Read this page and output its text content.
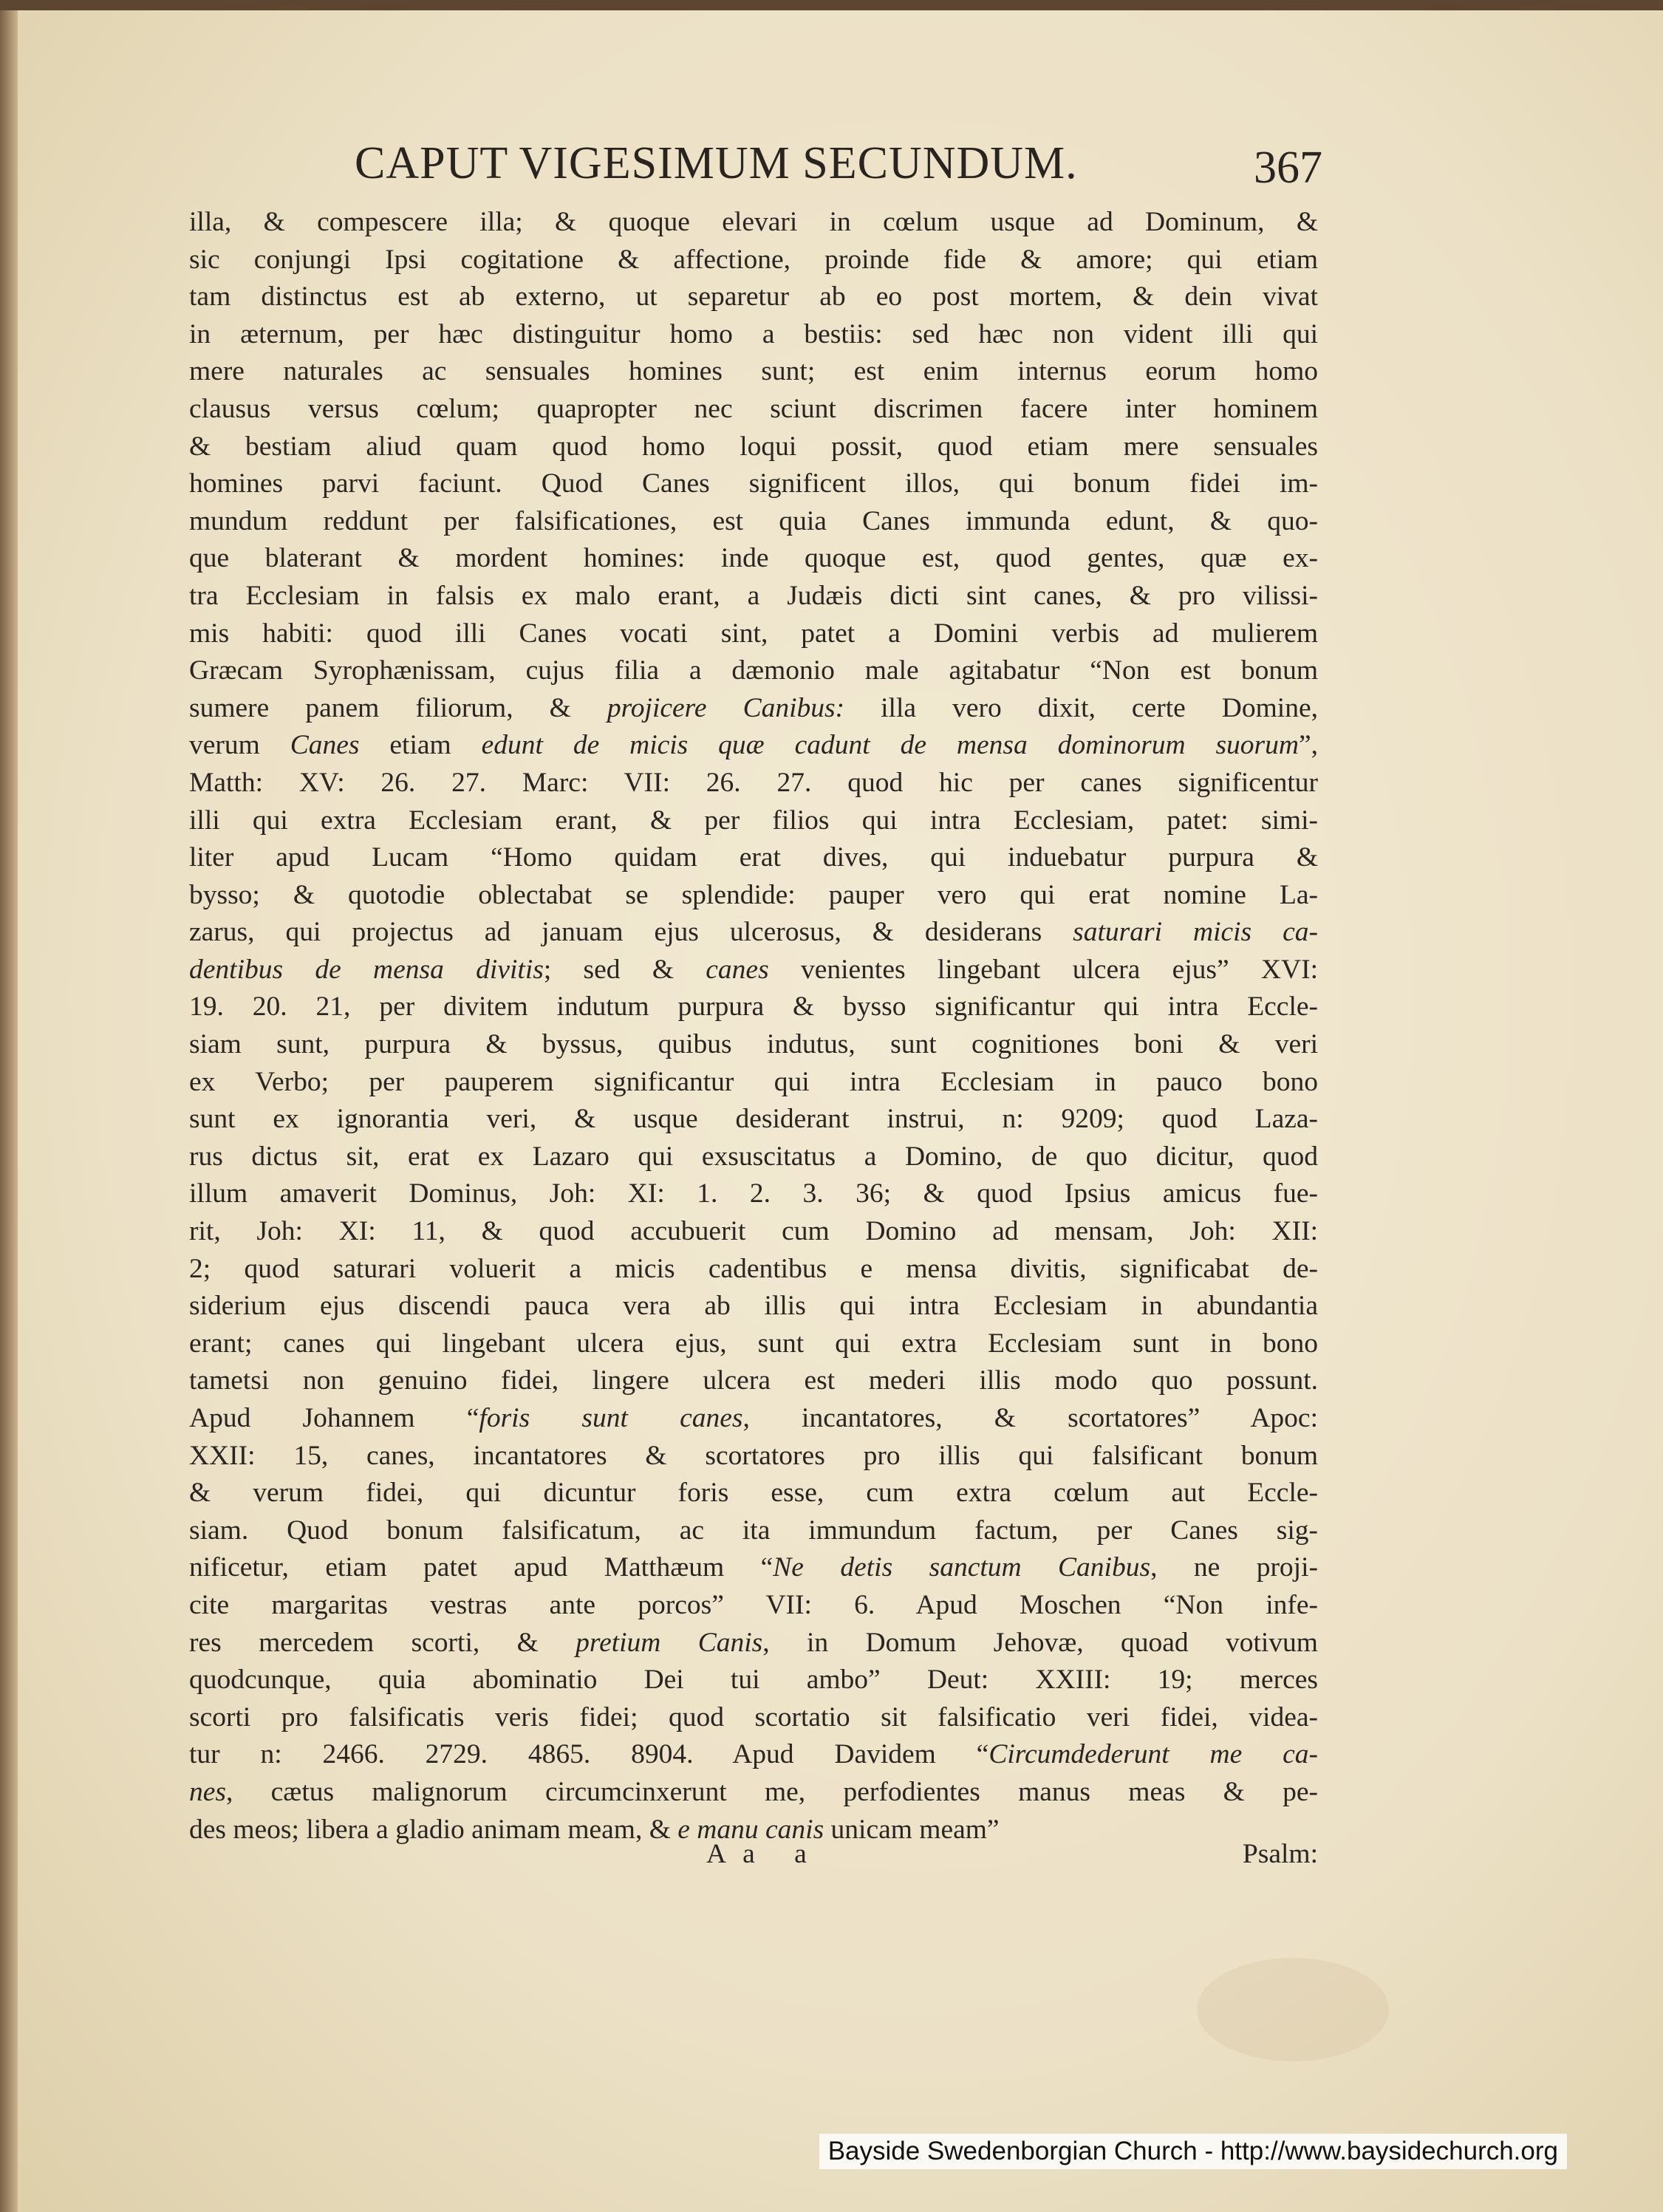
CAPUT VIGESIMUM SECUNDUM.	367
illa, & compescere illa; & quoque elevari in cœlum usque ad Dominum, &
sic conjungi Ipsi cogitatione & affectione, proinde fide & amore; qui etiam
tam distinctus est ab externo, ut separetur ab eo post mortem, & dein vivat
in æternum, per hæc distinguitur homo a bestiis: sed hæc non vident illi qui
mere naturales ac sensuales homines sunt; est enim internus eorum homo
clausus versus cœlum; quapropter nec sciunt discrimen facere inter hominem
& bestiam aliud quam quod homo loqui possit, quod etiam mere sensuales
homines parvi faciunt. Quod Canes significent illos, qui bonum fidei im-
mundum reddunt per falsificationes, est quia Canes immunda edunt, & quo-
que blaterant & mordent homines: inde quoque est, quod gentes, quæ ex-
tra Ecclesiam in falsis ex malo erant, a Judæis dicti sint canes, & pro vilissi-
mis habiti: quod illi Canes vocati sint, patet a Domini verbis ad mulierem
Græcam Syrophænissam, cujus filia a dæmonio male agitabatur “Non est bonum
sumere panem filiorum, & projicere Canibus: illa vero dixit, certe Domine,
verum Canes etiam edunt de micis quæ cadunt de mensa dominorum suorum”,
Matth: XV: 26. 27. Marc: VII: 26. 27. quod hic per canes significentur
illi qui extra Ecclesiam erant, & per filios qui intra Ecclesiam, patet: simi-
liter apud Lucam “Homo quidam erat dives, qui induebatur purpura &
bysso; & quotodie oblectabat se splendide: pauper vero qui erat nomine La-
zarus, qui projectus ad januam ejus ulcerosus, & desiderans saturari micis ca-
dentibus de mensa divitis; sed & canes venientes lingebant ulcera ejus” XVI:
19. 20. 21, per divitem indutum purpura & bysso significantur qui intra Eccle-
siam sunt, purpura & byssus, quibus indutus, sunt cognitiones boni & veri
ex Verbo; per pauperem significantur qui intra Ecclesiam in pauco bono
sunt ex ignorantia veri, & usque desiderant instrui, n: 9209; quod Laza-
rus dictus sit, erat ex Lazaro qui exsuscitatus a Domino, de quo dicitur, quod
illum amaverit Dominus, Joh: XI: 1. 2. 3. 36; & quod Ipsius amicus fue-
rit, Joh: XI: 11, & quod accubuerit cum Domino ad mensam, Joh: XII:
2; quod saturari voluerit a micis cadentibus e mensa divitis, significabat de-
siderium ejus discendi pauca vera ab illis qui intra Ecclesiam in abundantia
erant; canes qui lingebant ulcera ejus, sunt qui extra Ecclesiam sunt in bono
tametsi non genuino fidei, lingere ulcera est mederi illis modo quo possunt.
Apud Johannem “foris sunt canes, incantatores, & scortatores” Apoc:
XXII: 15, canes, incantatores & scortatores pro illis qui falsificant bonum
& verum fidei, qui dicuntur foris esse, cum extra cœlum aut Eccle-
siam. Quod bonum falsificatum, ac ita immundum factum, per Canes sig-
nificetur, etiam patet apud Matthæum “Ne detis sanctum Canibus, ne proji-
cite margaritas vestras ante porcos” VII: 6. Apud Moschen “Non infe-
res mercedem scorti, & pretium Canis, in Domum Jehovæ, quoad votivum
quodcunque, quia abominatio Dei tui ambo” Deut: XXIII: 19; merces
scorti pro falsificatis veris fidei; quod scortatio sit falsificatio veri fidei, videa-
tur n: 2466. 2729. 4865. 8904. Apud Davidem “Circumdederunt me ca-
nes, cætus malignorum circumcinxerunt me, perfodientes manus meas & pe-
des meos; libera a gladio animam meam, & e manu canis unicam meam”
Aa a	Psalm:
Bayside Swedenborgian Church - http://www.baysidechurch.org
